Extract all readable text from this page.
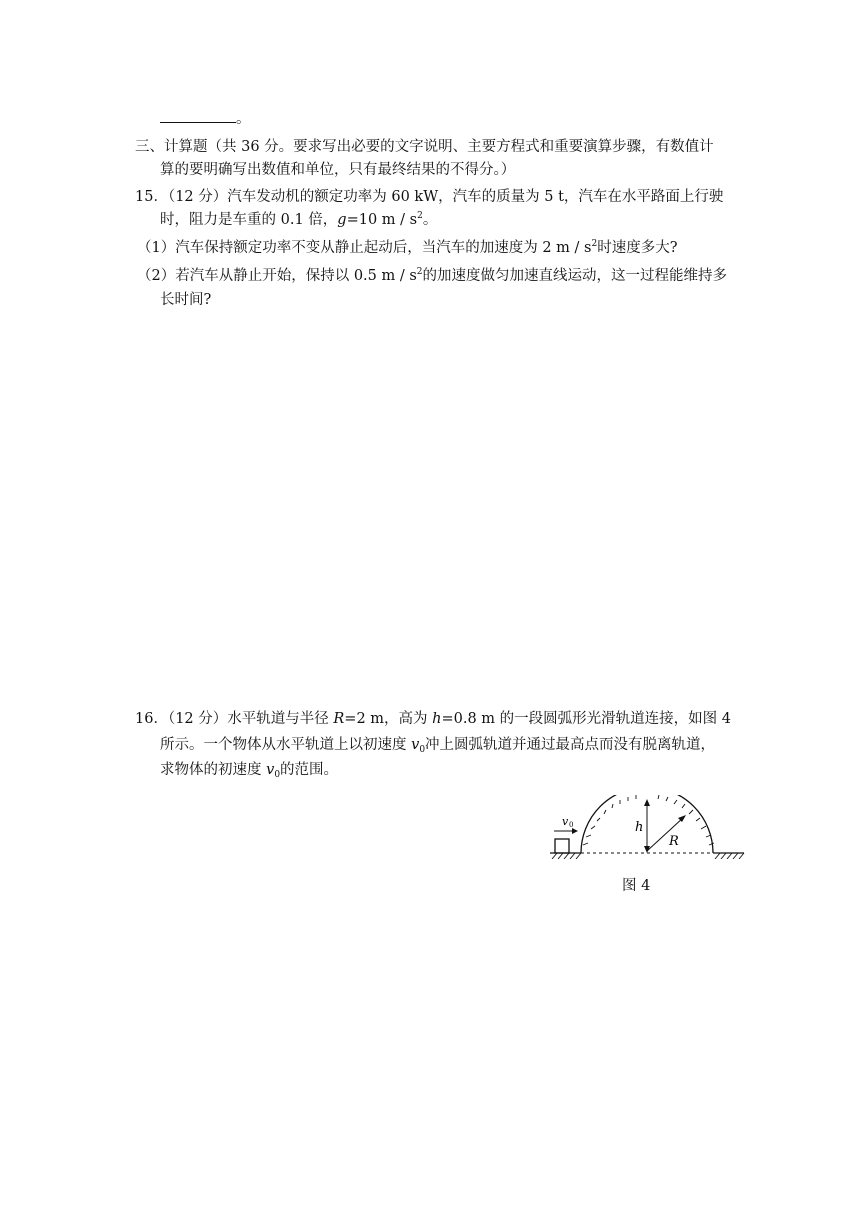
。
三、计算题（共 36 分。要求写出必要的文字说明、主要方程式和重要演算步骤，有数值计
算的要明确写出数值和单位，只有最终结果的不得分。）
15．（12 分）汽车发动机的额定功率为 60 kW，汽车的质量为 5 t，汽车在水平路面上行驶
时，阻力是车重的 0.1 倍，g=10 m / $s^2$。
（1）汽车保持额定功率不变从静止起动后，当汽车的加速度为 2 m / $s^2$时速度多大?
（2）若汽车从静止开始，保持以 0.5 m / $s^2$的加速度做匀加速直线运动，这一过程能维持多
长时间?
16．（12 分）水平轨道与半径 R=2 m，高为 h=0.8 m 的一段圆弧形光滑轨道连接，如图 4
所示。一个物体从水平轨道上以初速度 $v_0$冲上圆弧轨道并通过最高点而没有脱离轨道，
求物体的初速度 $v_0$的范围。
v 0	h
R
图 4
